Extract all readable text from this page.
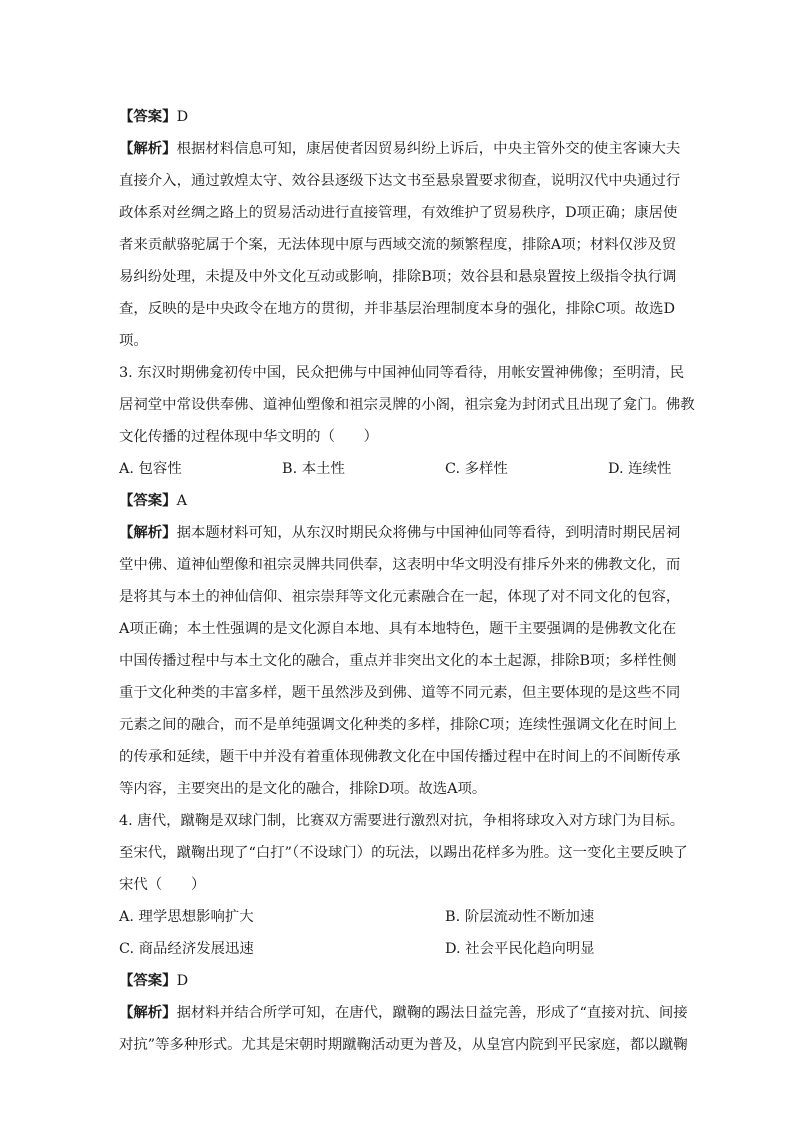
【答案】D
【解析】根据材料信息可知，康居使者因贸易纠纷上诉后，中央主管外交的使主客谏大夫
直接介入，通过敦煌太守、效谷县逐级下达文书至悬泉置要求彻查，说明汉代中央通过行
政体系对丝绸之路上的贸易活动进行直接管理，有效维护了贸易秩序，D项正确；康居使
者来贡献骆驼属于个案，无法体现中原与西域交流的频繁程度，排除A项；材料仅涉及贸
易纠纷处理，未提及中外文化互动或影响，排除B项；效谷县和悬泉置按上级指令执行调
查，反映的是中央政令在地方的贯彻，并非基层治理制度本身的强化，排除C项。故选D
项。
3. 东汉时期佛龛初传中国，民众把佛与中国神仙同等看待，用帐安置神佛像；至明清，民
居祠堂中常设供奉佛、道神仙塑像和祖宗灵牌的小阁，祖宗龛为封闭式且出现了龛门。佛教
文化传播的过程体现中华文明的（　　）
A. 包容性	B. 本土性	C. 多样性	D. 连续性
【答案】A
【解析】据本题材料可知，从东汉时期民众将佛与中国神仙同等看待，到明清时期民居祠
堂中佛、道神仙塑像和祖宗灵牌共同供奉，这表明中华文明没有排斥外来的佛教文化，而
是将其与本土的神仙信仰、祖宗崇拜等文化元素融合在一起，体现了对不同文化的包容，
A项正确；本土性强调的是文化源自本地、具有本地特色，题干主要强调的是佛教文化在
中国传播过程中与本土文化的融合，重点并非突出文化的本土起源，排除B项；多样性侧
重于文化种类的丰富多样，题干虽然涉及到佛、道等不同元素，但主要体现的是这些不同
元素之间的融合，而不是单纯强调文化种类的多样，排除C项；连续性强调文化在时间上
的传承和延续，题干中并没有着重体现佛教文化在中国传播过程中在时间上的不间断传承
等内容，主要突出的是文化的融合，排除D项。故选A项。
4. 唐代，蹴鞠是双球门制，比赛双方需要进行激烈对抗，争相将球攻入对方球门为目标。
至宋代，蹴鞠出现了“白打”（不设球门）的玩法，以踢出花样多为胜。这一变化主要反映了
宋代（　　）
A. 理学思想影响扩大	B. 阶层流动性不断加速
C. 商品经济发展迅速	D. 社会平民化趋向明显
【答案】D
【解析】据材料并结合所学可知，在唐代，蹴鞠的踢法日益完善，形成了“直接对抗、间接
对抗”等多种形式。尤其是宋朝时期蹴鞠活动更为普及，从皇宫内院到平民家庭，都以蹴鞠
